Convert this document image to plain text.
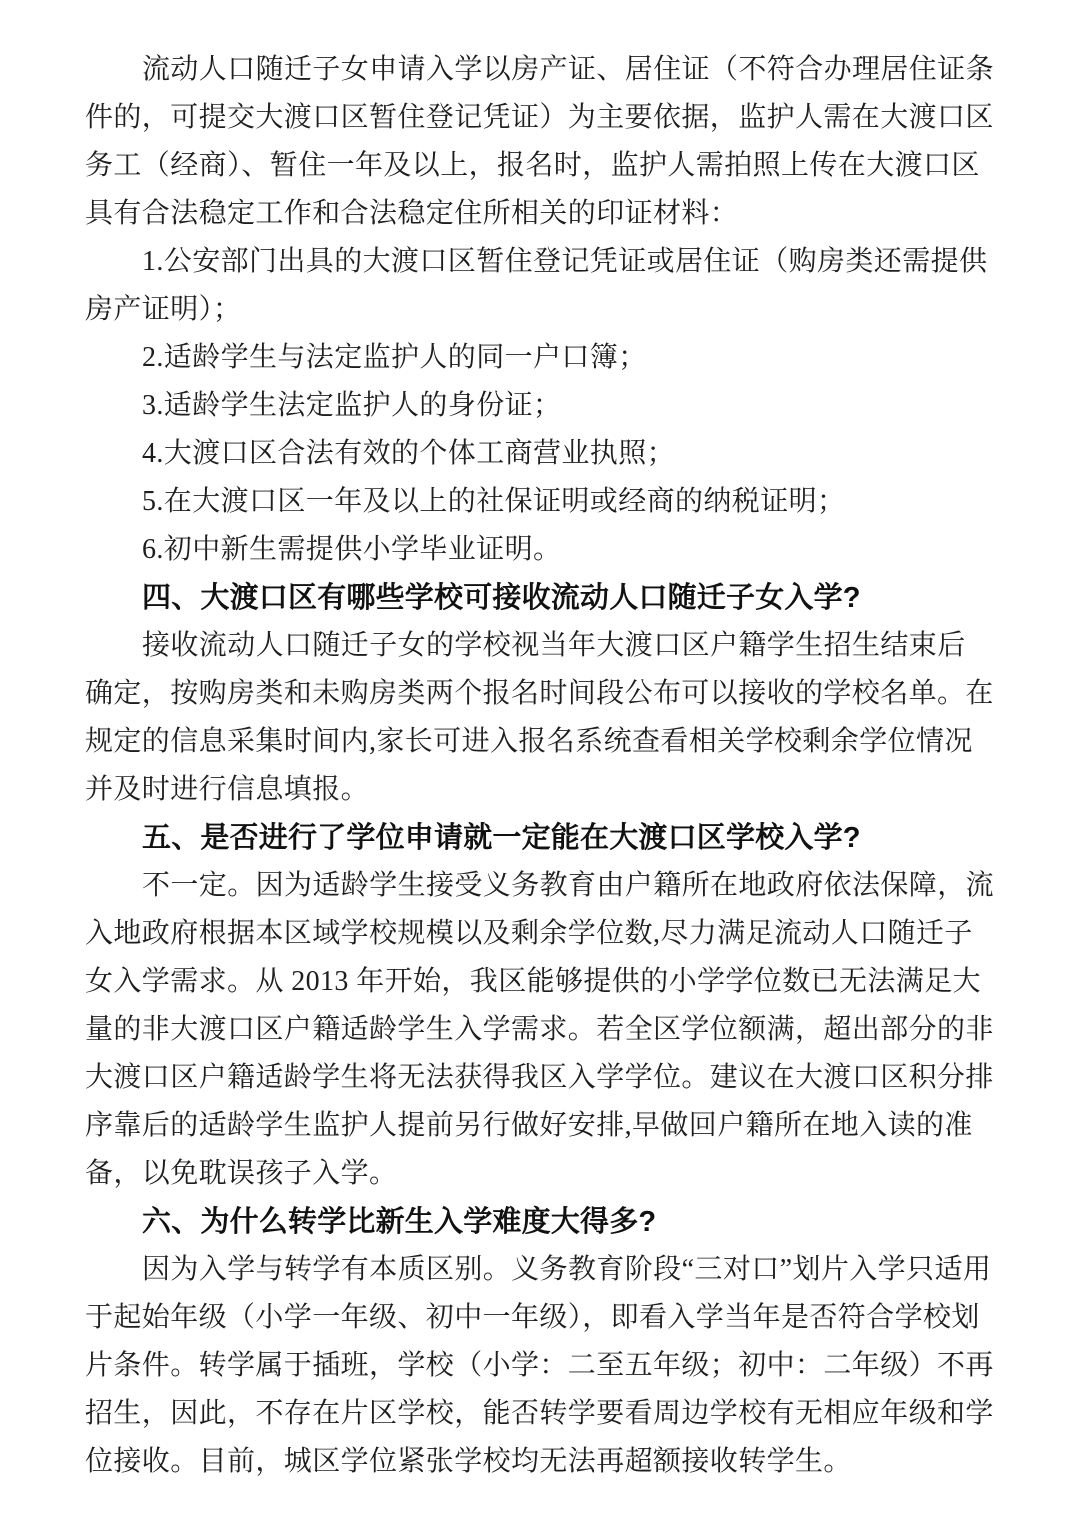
流动人口随迁子女申请入学以房产证、居住证（不符合办理居住证条
件的，可提交大渡口区暂住登记凭证）为主要依据，监护人需在大渡口区
务工（经商）、暂住一年及以上，报名时，监护人需拍照上传在大渡口区
具有合法稳定工作和合法稳定住所相关的印证材料：
1.公安部门出具的大渡口区暂住登记凭证或居住证（购房类还需提供
房产证明）；
2.适龄学生与法定监护人的同一户口簿；
3.适龄学生法定监护人的身份证；
4.大渡口区合法有效的个体工商营业执照；
5.在大渡口区一年及以上的社保证明或经商的纳税证明；
6.初中新生需提供小学毕业证明。
四、大渡口区有哪些学校可接收流动人口随迁子女入学?
接收流动人口随迁子女的学校视当年大渡口区户籍学生招生结束后
确定，按购房类和未购房类两个报名时间段公布可以接收的学校名单。在
规定的信息采集时间内,家长可进入报名系统查看相关学校剩余学位情况
并及时进行信息填报。
五、是否进行了学位申请就一定能在大渡口区学校入学?
不一定。因为适龄学生接受义务教育由户籍所在地政府依法保障，流
入地政府根据本区域学校规模以及剩余学位数,尽力满足流动人口随迁子
女入学需求。从 2013 年开始，我区能够提供的小学学位数已无法满足大
量的非大渡口区户籍适龄学生入学需求。若全区学位额满，超出部分的非
大渡口区户籍适龄学生将无法获得我区入学学位。建议在大渡口区积分排
序靠后的适龄学生监护人提前另行做好安排,早做回户籍所在地入读的准
备，以免耽误孩子入学。
六、为什么转学比新生入学难度大得多?
因为入学与转学有本质区别。义务教育阶段“三对口”划片入学只适用
于起始年级（小学一年级、初中一年级），即看入学当年是否符合学校划
片条件。转学属于插班，学校（小学：二至五年级；初中：二年级）不再
招生，因此，不存在片区学校，能否转学要看周边学校有无相应年级和学
位接收。目前，城区学位紧张学校均无法再超额接收转学生。
